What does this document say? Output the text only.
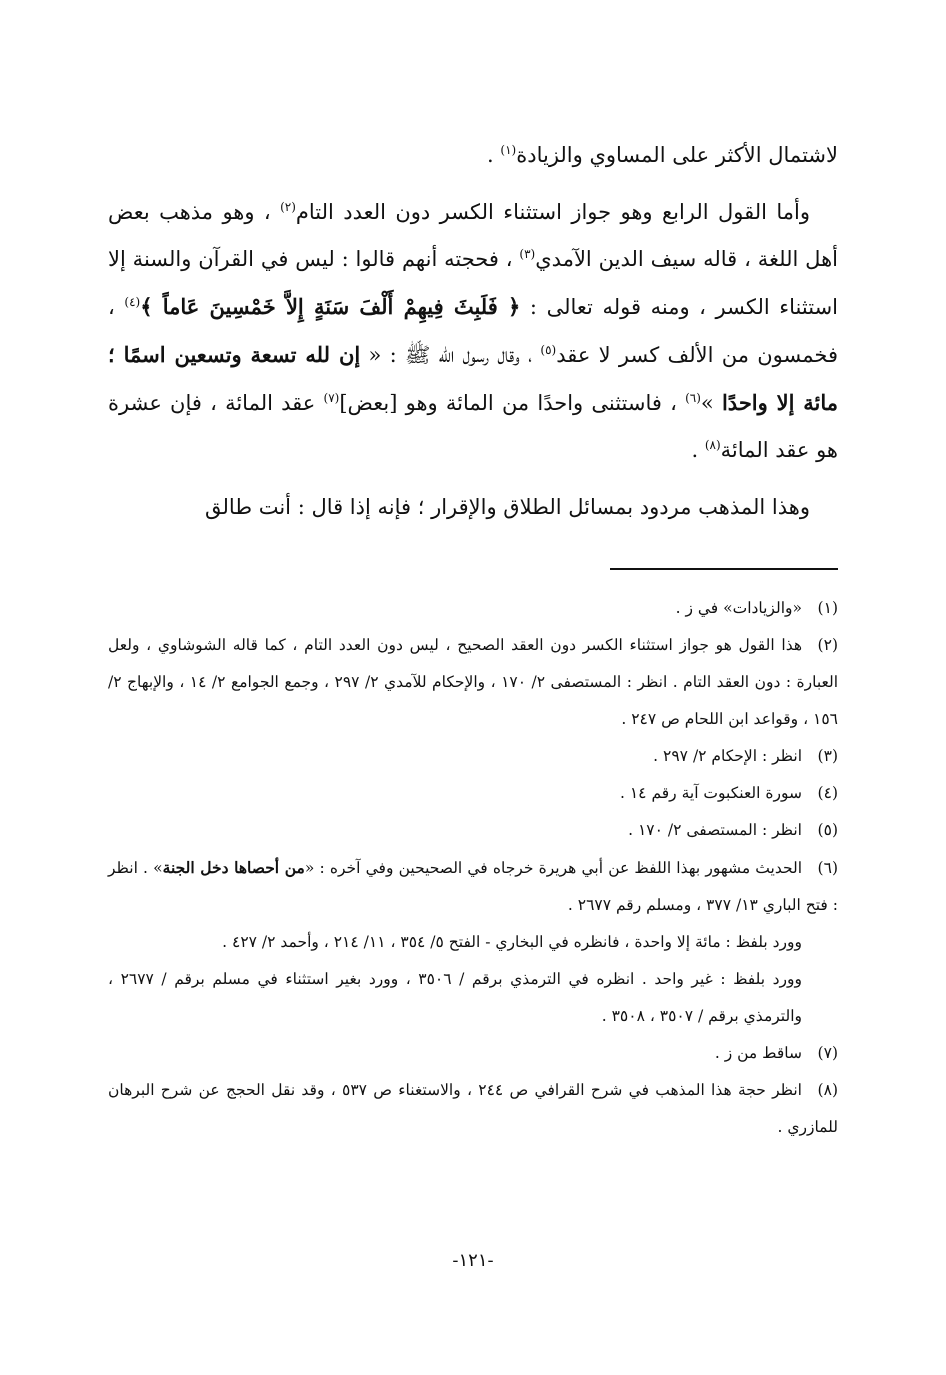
لاشتمال الأكثر على المساوي والزيادة$^{(١)}$ .

وأما القول الرابع وهو جواز استثناء الكسر دون العدد التام$^{(٢)}$ ، وهو مذهب بعض أهل اللغة ، قاله سيف الدين الآمدي$^{(٣)}$ ، فحجته أنهم قالوا : ليس في القرآن والسنة إلا استثناء الكسر ، ومنه قوله تعالى : ﴿ فَلَبِثَ فِيهِمْ أَلْفَ سَنَةٍ إِلاَّ خَمْسِينَ عَاماً ﴾$^{(٤)}$ ، فخمسون من الألف كسر لا عقد$^{(٥)}$ ، وقال رسول الله ﷺ : « إن لله تسعة وتسعين اسمًا ؛ مائة إلا واحدًا »$^{(٦)}$ ، فاستثنى واحدًا من المائة وهو [بعض]$^{(٧)}$ عقد المائة ، فإن عشرة هو عقد المائة$^{(٨)}$ .

وهذا المذهب مردود بمسائل الطلاق والإقرار ؛ فإنه إذا قال : أنت طالق

(١)«والزيادات» في ز .

(٢)هذا القول هو جواز استثناء الكسر دون العقد الصحيح ، ليس دون العدد التام ، كما قاله الشوشاوي ، ولعل العبارة : دون العقد التام . انظر : المستصفى ٢/ ١٧٠ ، والإحكام للآمدي ٢/ ٢٩٧ ، وجمع الجوامع ٢/ ١٤ ، والإبهاج ٢/ ١٥٦ ، وقواعد ابن اللحام ص ٢٤٧ .

(٣)انظر : الإحكام ٢/ ٢٩٧ .

(٤)سورة العنكبوت آية رقم ١٤ .

(٥)انظر : المستصفى ٢/ ١٧٠ .

(٦)الحديث مشهور بهذا اللفظ عن أبي هريرة خرجاه في الصحيحين وفي آخره : «من أحصاها دخل الجنة» . انظر : فتح الباري ١٣/ ٣٧٧ ، ومسلم رقم ٢٦٧٧ .

وورد بلفظ : مائة إلا واحدة ، فانظره في البخاري - الفتح ٥/ ٣٥٤ ، ١١/ ٢١٤ ، وأحمد ٢/ ٤٢٧ .

وورد بلفظ : غير واحد . انظره في الترمذي برقم / ٣٥٠٦ ، وورد بغير استثناء في مسلم برقم / ٢٦٧٧ ، والترمذي برقم / ٣٥٠٧ ، ٣٥٠٨ .

(٧)ساقط من ز .

(٨)انظر حجة هذا المذهب في شرح القرافي ص ٢٤٤ ، والاستغناء ص ٥٣٧ ، وقد نقل الحجج عن شرح البرهان للمازري .

-١٢١-
